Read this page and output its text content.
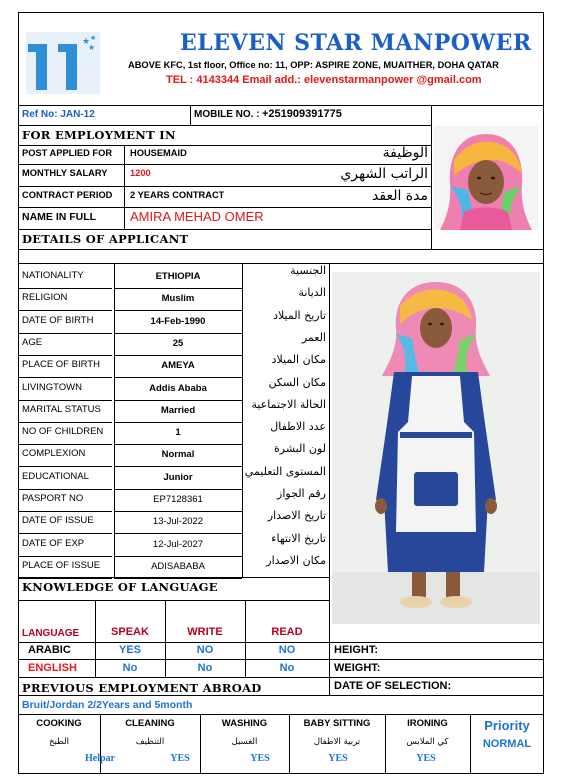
★ ★
★	ELEVEN STAR MANPOWER
ABOVE KFC, 1st floor, Office no: 11, OPP: ASPIRE ZONE, MUAITHER, DOHA QATAR
TEL : 4143344 Email add.: elevenstarmanpower @gmail.com
Ref No: JAN-12	MOBILE NO. : +251909391775
FOR EMPLOYMENT IN
POST APPLIED FOR HOUSEMAID	الوظيفة
MONTHLY SALARY 1200	الراتب الشهري
CONTRACT PERIOD 2 YEARS CONTRACT	مدة العقد
NAME IN FULL	AMIRA MEHAD OMER
DETAILS OF APPLICANT
NATIONALITY	ETHIOPIA	الجنسية
RELIGION	Muslim	الديانة
DATE OF BIRTH	14-Feb-1990	تاريخ الميلاد
AGE	25	العمر
PLACE OF BIRTH	AMEYA	مكان الميلاد
LIVINGTOWN	Addis Ababa	مكان السكن
MARITAL STATUS	Married	الحالة الاجتماعية
NO OF CHILDREN	1	عدد الاطفال
COMPLEXION	Normal	لون البشرة
EDUCATIONAL	Junior	المستوى التعليمي
PASPORT NO	EP7128361	رقم الجواز
DATE OF ISSUE	13-Jul-2022	تاريخ الاصدار
DATE OF EXP	12-Jul-2027	تاريخ الانتهاء
PLACE OF ISSUE	ADISABABA	مكان الاصدار
KNOWLEDGE OF LANGUAGE
LANGUAGE	SPEAK	WRITE	READ
ARABIC	YES	NO	NO
ENGLISH	No	No	No
HEIGHT:
WEIGHT:
DATE OF SELECTION:
PREVIOUS EMPLOYMENT ABROAD
Bruit/Jordan 2/2Years and 5month
COOKING	CLEANING	WASHING	BABY SITTING	IRONING
الطبخ	التنظيف	الغسيل	تربية الاطفال	كي الملابس
Helpar	YES	YES	YES	YES
Priority
NORMAL
